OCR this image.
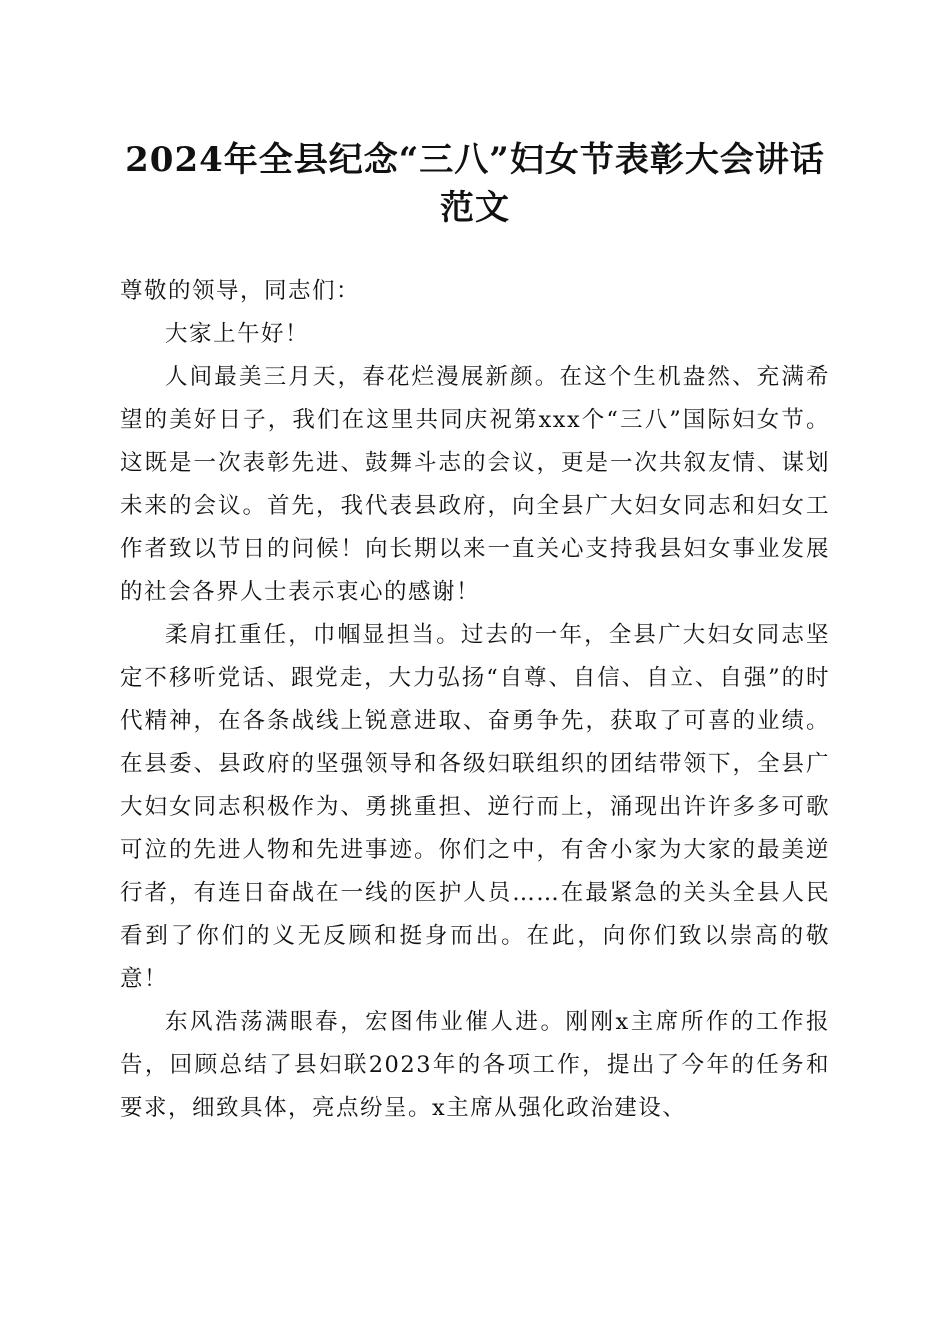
2024年全县纪念“三八”妇女节表彰大会讲话范文

尊敬的领导，同志们：

大家上午好！

人间最美三月天，春花烂漫展新颜。在这个生机盎然、充满希望的美好日子，我们在这里共同庆祝第xxx个“三八”国际妇女节。这既是一次表彰先进、鼓舞斗志的会议，更是一次共叙友情、谋划未来的会议。首先，我代表县政府，向全县广大妇女同志和妇女工作者致以节日的问候！向长期以来一直关心支持我县妇女事业发展的社会各界人士表示衷心的感谢！

柔肩扛重任，巾帼显担当。过去的一年，全县广大妇女同志坚定不移听党话、跟党走，大力弘扬“自尊、自信、自立、自强”的时代精神，在各条战线上锐意进取、奋勇争先，获取了可喜的业绩。在县委、县政府的坚强领导和各级妇联组织的团结带领下，全县广大妇女同志积极作为、勇挑重担、逆行而上，涌现出许许多多可歌可泣的先进人物和先进事迹。你们之中，有舍小家为大家的最美逆行者，有连日奋战在一线的医护人员……在最紧急的关头全县人民看到了你们的义无反顾和挺身而出。在此，向你们致以崇高的敬意！

东风浩荡满眼春，宏图伟业催人进。刚刚x主席所作的工作报告，回顾总结了县妇联2023年的各项工作，提出了今年的任务和要求，细致具体，亮点纷呈。x主席从强化政治建设、
